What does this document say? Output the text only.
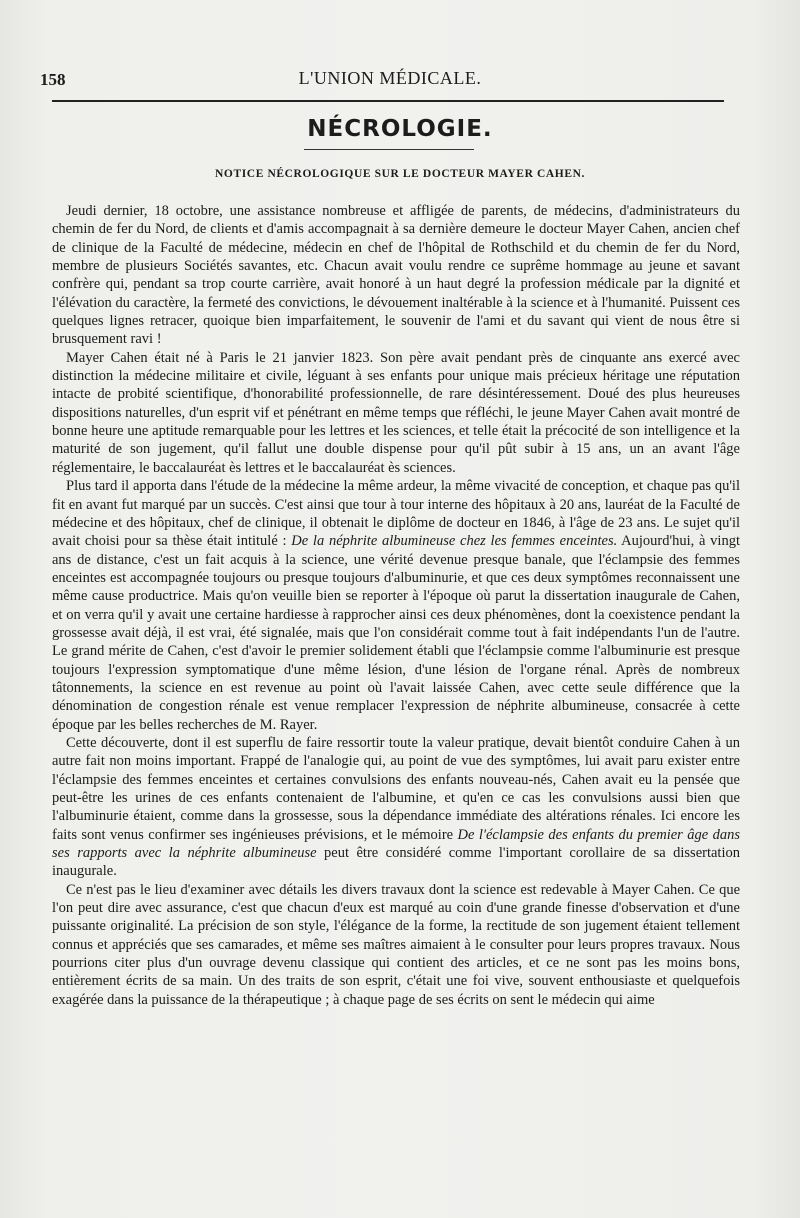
158	L'UNION MÉDICALE.
NÉCROLOGIE.
NOTICE NÉCROLOGIQUE SUR LE DOCTEUR MAYER CAHEN.

Jeudi dernier, 18 octobre, une assistance nombreuse et affligée de parents, de médecins, d'administrateurs du chemin de fer du Nord, de clients et d'amis accompagnait à sa dernière demeure le docteur Mayer Cahen, ancien chef de clinique de la Faculté de médecine, médecin en chef de l'hôpital de Rothschild et du chemin de fer du Nord, membre de plusieurs Sociétés savantes, etc. Chacun avait voulu rendre ce suprême hommage au jeune et savant confrère qui, pendant sa trop courte carrière, avait honoré à un haut degré la profession médicale par la dignité et l'élévation du caractère, la fermeté des convictions, le dévouement inaltérable à la science et à l'humanité. Puissent ces quelques lignes retracer, quoique bien imparfaitement, le souvenir de l'ami et du savant qui vient de nous être si brusquement ravi !

Mayer Cahen était né à Paris le 21 janvier 1823. Son père avait pendant près de cinquante ans exercé avec distinction la médecine militaire et civile, léguant à ses enfants pour unique mais précieux héritage une réputation intacte de probité scientifique, d'honorabilité professionnelle, de rare désintéressement. Doué des plus heureuses dispositions naturelles, d'un esprit vif et pénétrant en même temps que réfléchi, le jeune Mayer Cahen avait montré de bonne heure une aptitude remarquable pour les lettres et les sciences, et telle était la précocité de son intelligence et la maturité de son jugement, qu'il fallut une double dispense pour qu'il pût subir à 15 ans, un an avant l'âge réglementaire, le baccalauréat ès lettres et le baccalauréat ès sciences.

Plus tard il apporta dans l'étude de la médecine la même ardeur, la même vivacité de conception, et chaque pas qu'il fit en avant fut marqué par un succès. C'est ainsi que tour à tour interne des hôpitaux à 20 ans, lauréat de la Faculté de médecine et des hôpitaux, chef de clinique, il obtenait le diplôme de docteur en 1846, à l'âge de 23 ans. Le sujet qu'il avait choisi pour sa thèse était intitulé : De la néphrite albumineuse chez les femmes enceintes. Aujourd'hui, à vingt ans de distance, c'est un fait acquis à la science, une vérité devenue presque banale, que l'éclampsie des femmes enceintes est accompagnée toujours ou presque toujours d'albuminurie, et que ces deux symptômes reconnaissent une même cause productrice. Mais qu'on veuille bien se reporter à l'époque où parut la dissertation inaugurale de Cahen, et on verra qu'il y avait une certaine hardiesse à rapprocher ainsi ces deux phénomènes, dont la coexistence pendant la grossesse avait déjà, il est vrai, été signalée, mais que l'on considérait comme tout à fait indépendants l'un de l'autre. Le grand mérite de Cahen, c'est d'avoir le premier solidement établi que l'éclampsie comme l'albuminurie est presque toujours l'expression symptomatique d'une même lésion, d'une lésion de l'organe rénal. Après de nombreux tâtonnements, la science en est revenue au point où l'avait laissée Cahen, avec cette seule différence que la dénomination de congestion rénale est venue remplacer l'expression de néphrite albumineuse, consacrée à cette époque par les belles recherches de M. Rayer.

Cette découverte, dont il est superflu de faire ressortir toute la valeur pratique, devait bientôt conduire Cahen à un autre fait non moins important. Frappé de l'analogie qui, au point de vue des symptômes, lui avait paru exister entre l'éclampsie des femmes enceintes et certaines convulsions des enfants nouveau-nés, Cahen avait eu la pensée que peut-être les urines de ces enfants contenaient de l'albumine, et qu'en ce cas les convulsions aussi bien que l'albuminurie étaient, comme dans la grossesse, sous la dépendance immédiate des altérations rénales. Ici encore les faits sont venus confirmer ses ingénieuses prévisions, et le mémoire De l'éclampsie des enfants du premier âge dans ses rapports avec la néphrite albumineuse peut être considéré comme l'important corollaire de sa dissertation inaugurale.

Ce n'est pas le lieu d'examiner avec détails les divers travaux dont la science est redevable à Mayer Cahen. Ce que l'on peut dire avec assurance, c'est que chacun d'eux est marqué au coin d'une grande finesse d'observation et d'une puissante originalité. La précision de son style, l'élégance de la forme, la rectitude de son jugement étaient tellement connus et appréciés que ses camarades, et même ses maîtres aimaient à le consulter pour leurs propres travaux. Nous pourrions citer plus d'un ouvrage devenu classique qui contient des articles, et ce ne sont pas les moins bons, entièrement écrits de sa main. Un des traits de son esprit, c'était une foi vive, souvent enthousiaste et quelquefois exagérée dans la puissance de la thérapeutique ; à chaque page de ses écrits on sent le médecin qui aime
